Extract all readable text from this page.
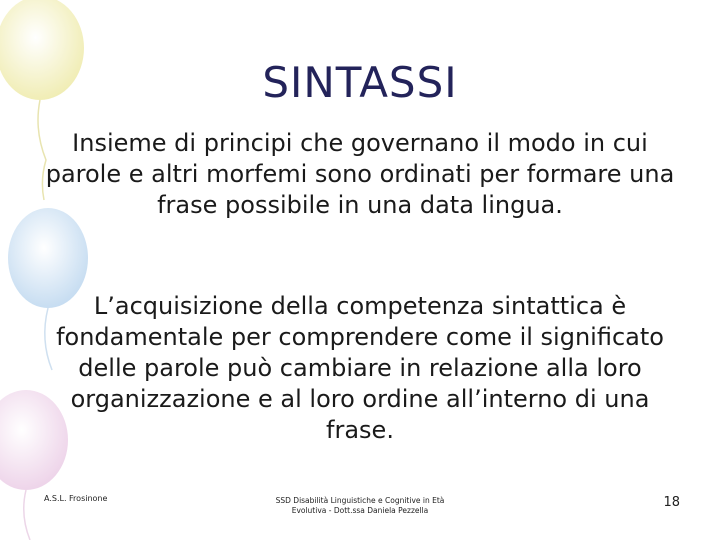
SINTASSI
Insieme di principi che governano il modo in cui parole e altri morfemi sono ordinati per formare una frase possibile in una data lingua.
L’acquisizione della competenza sintattica è fondamentale per comprendere come il significato delle parole può cambiare in relazione alla loro organizzazione e al loro ordine all’interno di una frase.
A.S.L. Frosinone	SSD Disabilità Linguistiche e Cognitive in Età
Evolutiva - Dott.ssa Daniela Pezzella
18
